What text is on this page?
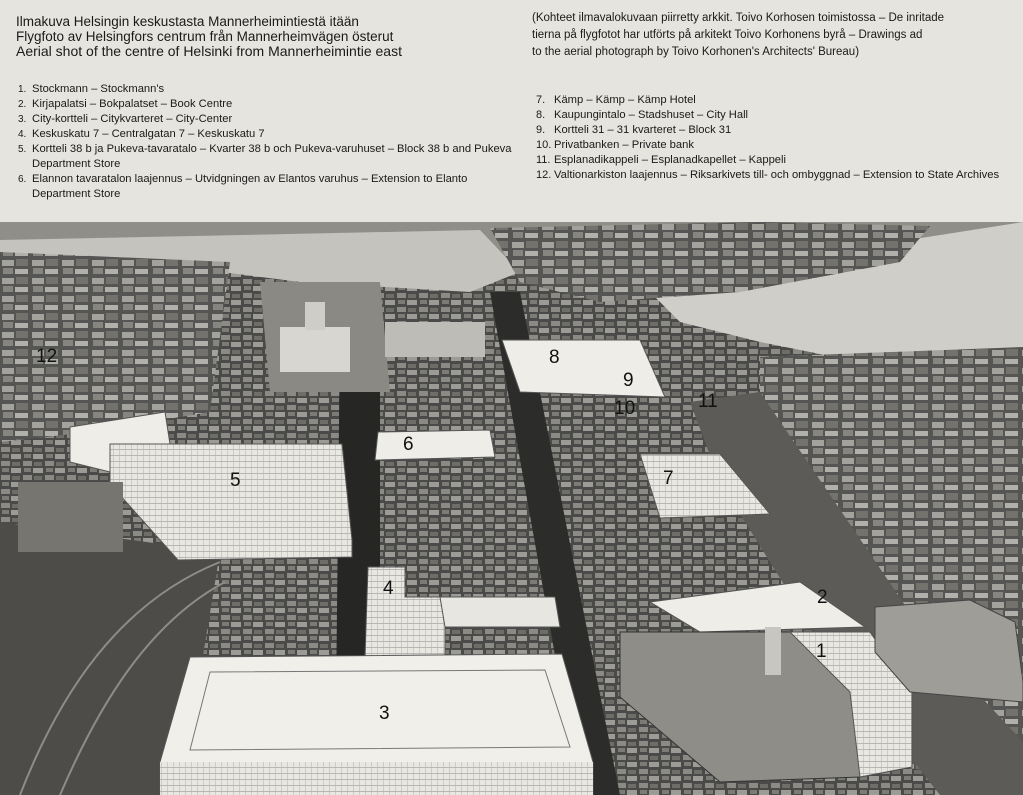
Ilmakuva Helsingin keskustasta Mannerheimintiestä itään

Flygfoto av Helsingfors centrum från Mannerheimvägen österut

Aerial shot of the centre of Helsinki from Mannerheimintie east

(Kohteet ilmavalokuvaan piirretty arkkit. Toivo Korhosen toimistossa – De inritade
tierna på flygfotot har utförts på arkitekt Toivo Korhonens byrå – Drawings ad
to the aerial photograph by Toivo Korhonen's Architects' Bureau)
1. Stockmann – Stockmann's
2. Kirjapalatsi – Bokpalatset – Book Centre
3. City-kortteli – Citykvarteret – City-Center
4. Keskuskatu 7 – Centralgatan 7 – Keskuskatu 7
5. Kortteli 38 b ja Pukeva-tavaratalo – Kvarter 38 b och Pukeva-varuhuset – Block 38 b and Pukeva Department Store
6. Elannon tavaratalon laajennus – Utvidgningen av Elantos varuhus – Extension to Elanto Department Store
7. Kämp – Kämp – Kämp Hotel
8. Kaupungintalo – Stadshuset – City Hall
9. Kortteli 31 – 31 kvarteret – Block 31
10. Privatbanken – Private bank
11. Esplanadikappeli – Esplanadkapellet – Kappeli
12. Valtionarkiston laajennus – Riksarkivets till- och ombyggnad – Extension to State Archives
1
2
3
4
5
6
7
8
9
10	11
12
